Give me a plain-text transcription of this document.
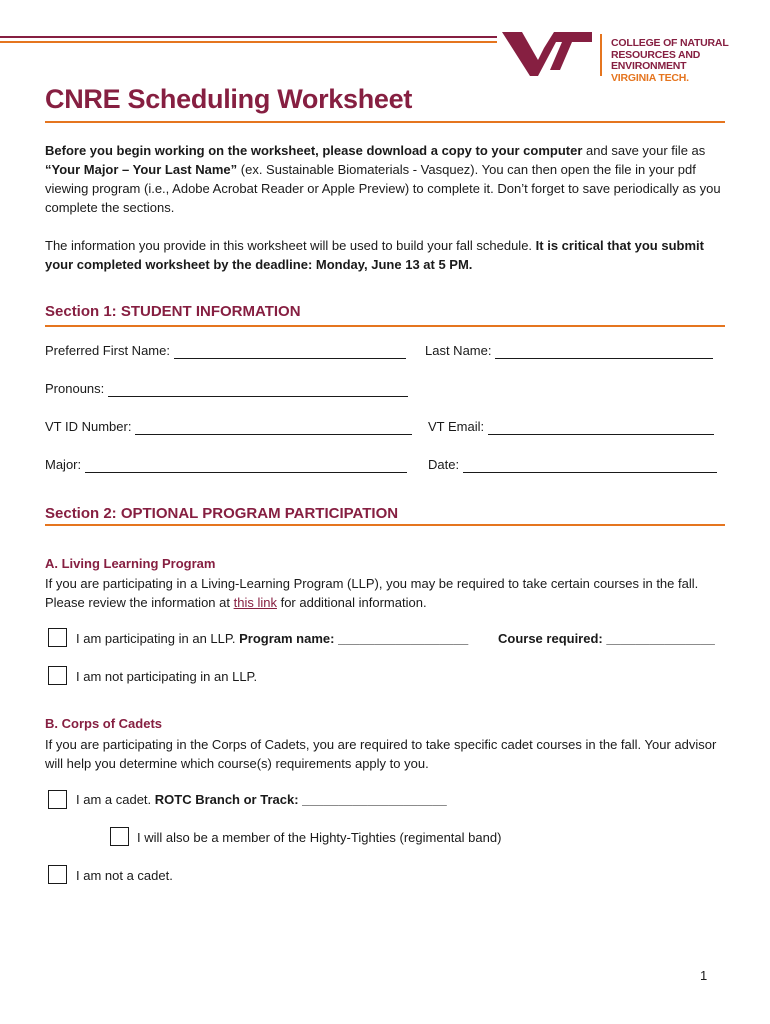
COLLEGE OF NATURAL
RESOURCES AND ENVIRONMENT
VIRGINIA TECH.
CNRE Scheduling Worksheet

Before you begin working on the worksheet, please download a copy to your computer and save your file as “Your Major – Your Last Name” (ex. Sustainable Biomaterials - Vasquez). You can then open the file in your pdf viewing program (i.e., Adobe Acrobat Reader or Apple Preview) to complete it. Don’t forget to save periodically as you complete the sections.

The information you provide in this worksheet will be used to build your fall schedule. It is critical that you submit your completed worksheet by the deadline: Monday, June 13 at 5 PM.

Section 1: STUDENT INFORMATION
Preferred First Name:	Last Name:
Pronouns:
VT ID Number:	VT Email:
Major:	Date:
Section 2: OPTIONAL PROGRAM PARTICIPATION
A. Living Learning Program

If you are participating in a Living-Learning Program (LLP), you may be required to take certain courses in the fall. Please review the information at this link for additional information.

I am participating in an LLP. Program name: __________________ Course required: _______________
I am not participating in an LLP.
B. Corps of Cadets

If you are participating in the Corps of Cadets, you are required to take specific cadet courses in the fall. Your advisor will help you determine which course(s) requirements apply to you.

I am a cadet. ROTC Branch or Track: ____________________
I will also be a member of the Highty-Tighties (regimental band)
I am not a cadet.
1
